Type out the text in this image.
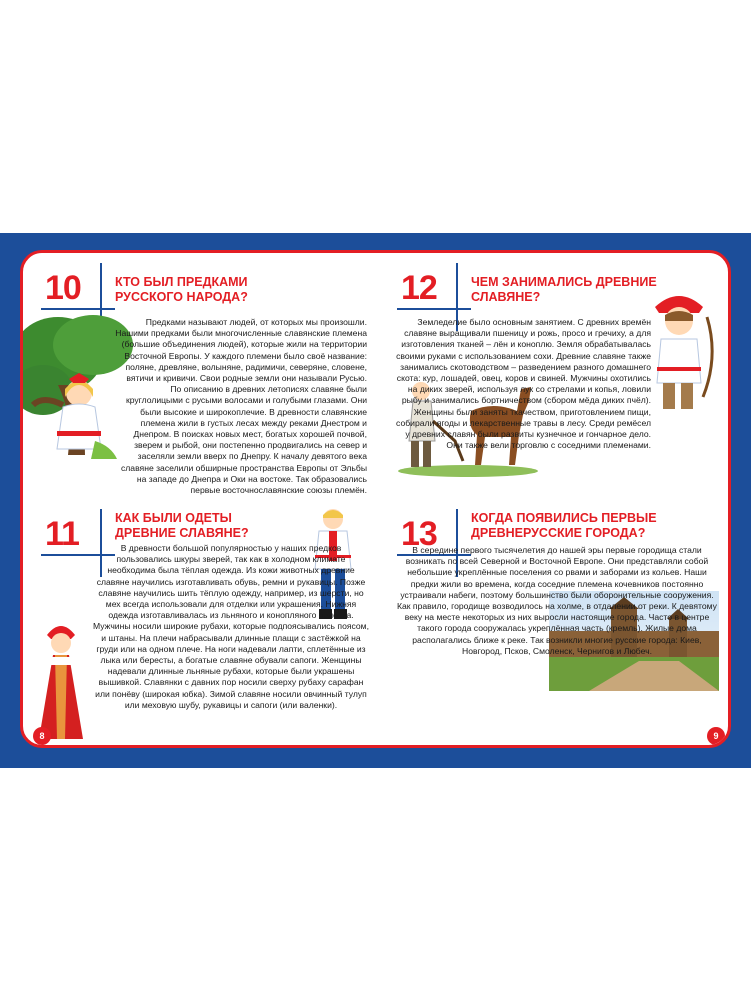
10	КТО БЫЛ ПРЕДКАМИ
РУССКОГО НАРОДА?
Предками называют людей, от которых мы произошли. Нашими предками были многочисленные славянские племена (большие объединения людей), которые жили на территории Восточной Европы. У каждого племени было своё название: поляне, древляне, волыняне, радимичи, северяне, словене, вятичи и кривичи. Свои родные земли они называли Русью. По описанию в древних летописях славяне были круглолицыми с русыми волосами и голубыми глазами. Они были высокие и широкоплечие. В древности славянские племена жили в густых лесах между реками Днестром и Днепром. В поисках новых мест, богатых хорошей почвой, зверем и рыбой, они постепенно продвигались на север и заселяли земли вверх по Днепру. К началу девятого века славяне заселили обширные пространства Европы от Эльбы на западе до Днепра и Оки на востоке. Так образовались первые восточнославянские союзы племён.
11	КАК БЫЛИ ОДЕТЫ
ДРЕВНИЕ СЛАВЯНЕ?
В древности большой популярностью у наших предков пользовались шкуры зверей, так как в холодном климате необходима была тёплая одежда. Из кожи животных древние славяне научились изготавливать обувь, ремни и рукавицы. Позже славяне научились шить тёплую одежду, например, из шерсти, но мех всегда использовали для отделки или украшения. Нижняя одежда изготавливалась из льняного и конопляного полотна. Мужчины носили широкие рубахи, которые подпоясывались поясом, и штаны. На плечи набрасывали длинные плащи с застёжкой на груди или на одном плече. На ноги надевали лапти, сплетённые из лыка или бересты, а богатые славяне обували сапоги. Женщины надевали длинные льняные рубахи, которые были украшены вышивкой. Славянки с давних пор носили сверху рубаху сарафан или понёву (широкая юбка). Зимой славяне носили овчинный тулуп или меховую шубу, рукавицы и сапоги (или валенки).
12	ЧЕМ ЗАНИМАЛИСЬ ДРЕВНИЕ
СЛАВЯНЕ?
Земледелие было основным занятием. С древних времён славяне выращивали пшеницу и рожь, просо и гречиху, а для изготовления тканей – лён и коноплю. Земля обрабатывалась своими руками с использованием сохи. Древние славяне также занимались скотоводством – разведением разного домашнего скота: кур, лошадей, овец, коров и свиней. Мужчины охотились на диких зверей, используя лук со стрелами и копья, ловили рыбу и занимались бортничеством (сбором мёда диких пчёл). Женщины были заняты ткачеством, приготовлением пищи, собирали ягоды и лекарственные травы в лесу. Среди ремёсел у древних славян были развиты кузнечное и гончарное дело. Они также вели торговлю с соседними племенами.
13	КОГДА ПОЯВИЛИСЬ ПЕРВЫЕ
ДРЕВНЕРУССКИЕ ГОРОДА?
В середине первого тысячелетия до нашей эры первые городища стали возникать по всей Северной и Восточной Европе. Они представляли собой небольшие укреплённые поселения со рвами и заборами из кольев. Наши предки жили во времена, когда соседние племена кочевников постоянно устраивали набеги, поэтому большинство были оборонительные сооружения. Как правило, городище возводилось на холме, в отдалении от реки. К девятому веку на месте некоторых из них выросли настоящие города. Часто в центре такого города сооружалась укреплённая часть (кремль). Жилые дома располагались ближе к реке. Так возникли многие русские города: Киев, Новгород, Псков, Смоленск, Чернигов и Любеч.
8	9
